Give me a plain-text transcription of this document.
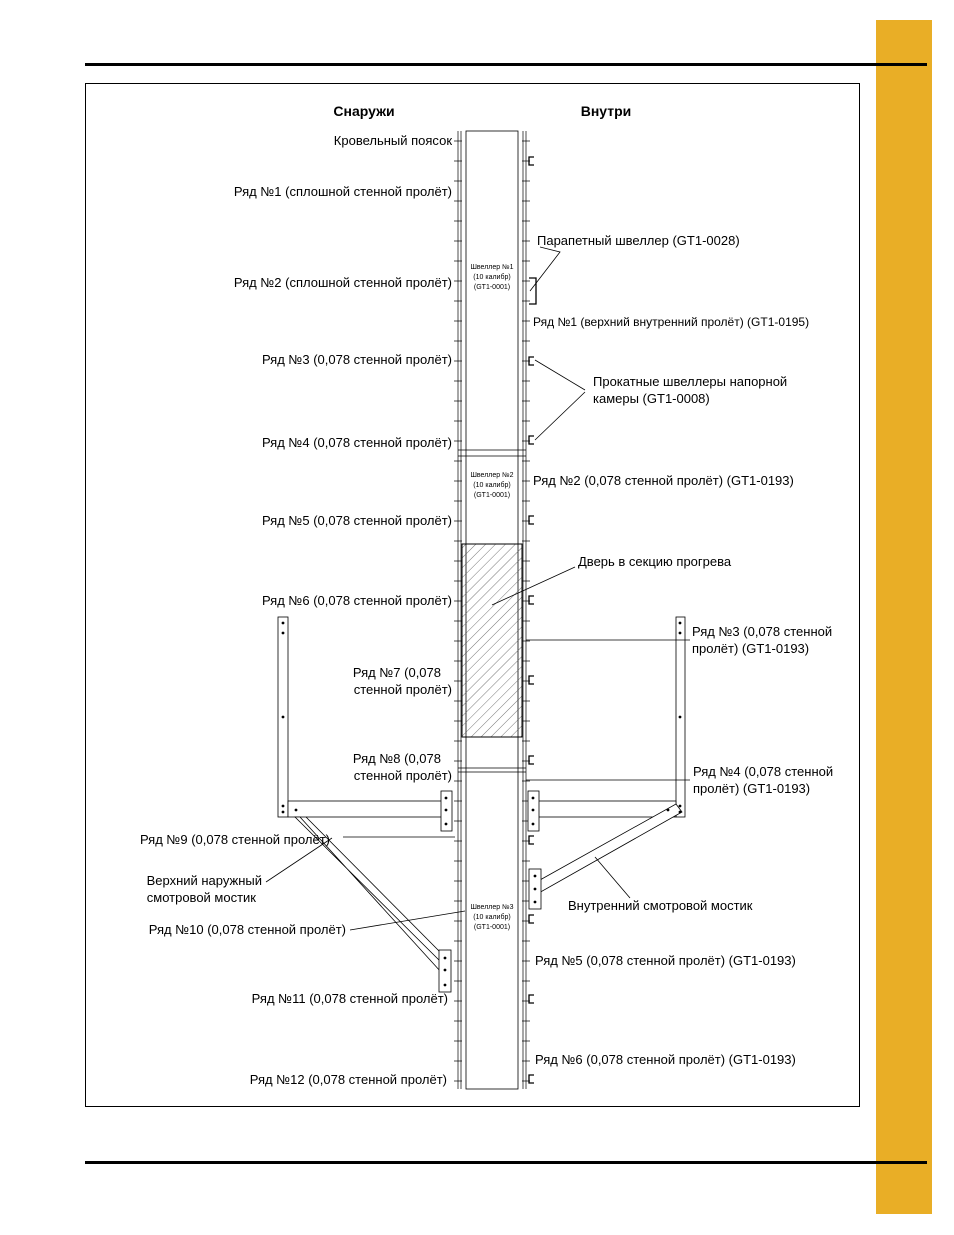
Снаружи	Внутри
Швеллер №1
(10 калибр)
(GT1-0001)
Швеллер №2
(10 калибр)
(GT1-0001)
Швеллер №3
(10 калибр)
(GT1-0001)
Кровельный поясок
Ряд №1 (сплошной стенной пролёт)
Ряд №2 (сплошной стенной пролёт)
Ряд №3 (0,078 стенной пролёт)
Ряд №4 (0,078 стенной пролёт)
Ряд №5 (0,078 стенной пролёт)
Ряд №6 (0,078 стенной пролёт)
Ряд №7 (0,078
стенной пролёт)
Ряд №8 (0,078
стенной пролёт)
Ряд №9 (0,078 стенной пролёт)
Верхний наружный
смотровой мостик
Ряд №10 (0,078 стенной пролёт)
Ряд №11 (0,078 стенной пролёт)
Ряд №12 (0,078 стенной пролёт)
Парапетный швеллер (GT1-0028)
Ряд №1 (верхний внутренний пролёт) (GT1-0195)
Прокатные швеллеры напорной
камеры (GT1-0008)
Ряд №2 (0,078 стенной пролёт) (GT1-0193)
Дверь в секцию прогрева
Ряд №3 (0,078 стенной
пролёт) (GT1-0193)
Ряд №4 (0,078 стенной
пролёт) (GT1-0193)
Внутренний смотровой мостик
Ряд №5 (0,078 стенной пролёт) (GT1-0193)
Ряд №6 (0,078 стенной пролёт) (GT1-0193)
